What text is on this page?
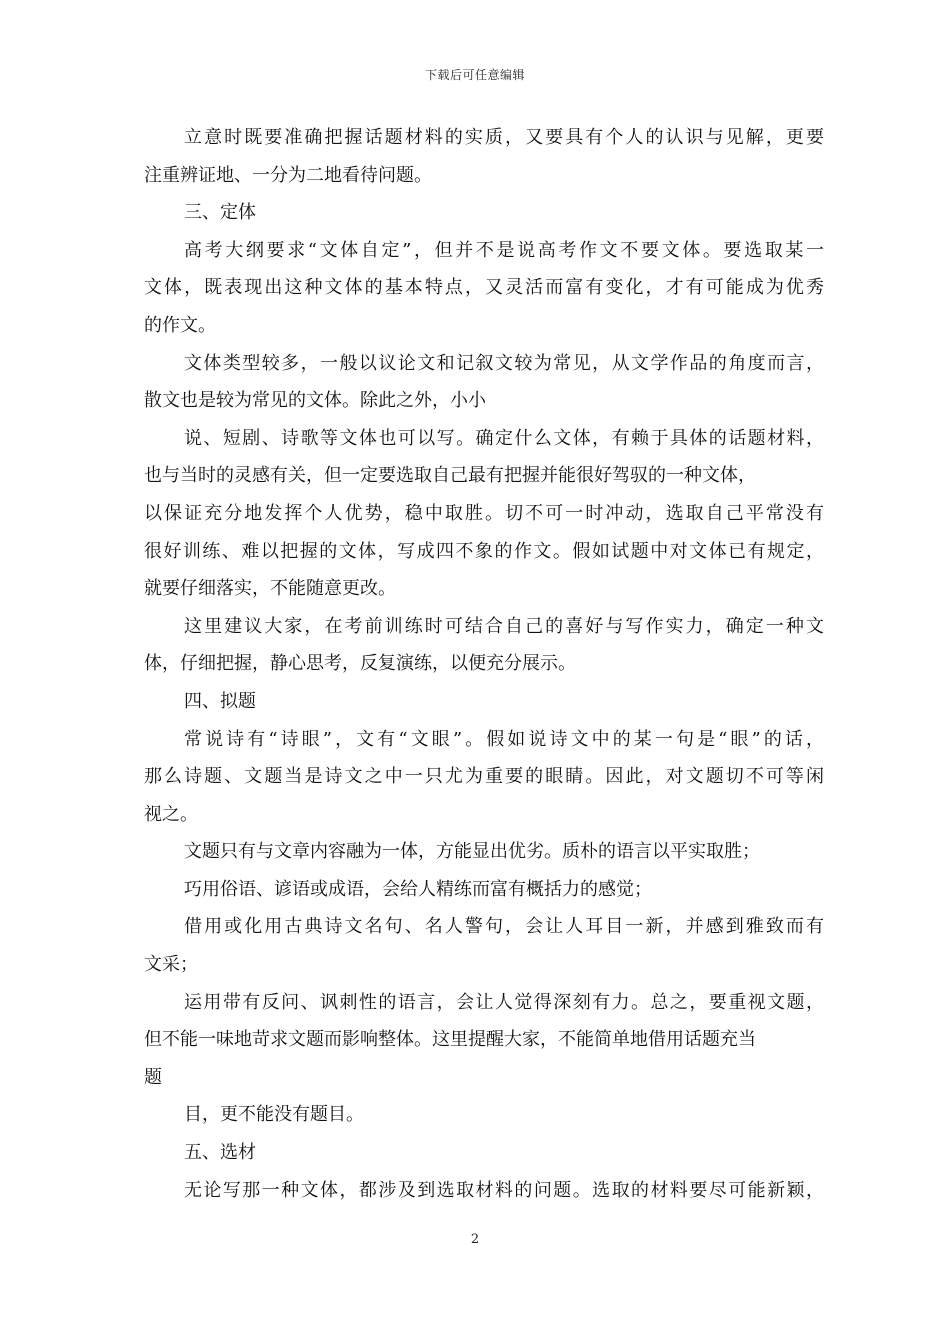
下载后可任意编辑
立意时既要准确把握话题材料的实质，又要具有个人的认识与见解，更要
注重辨证地、一分为二地看待问题。
三、定体
高考大纲要求“文体自定”，但并不是说高考作文不要文体。要选取某一
文体，既表现出这种文体的基本特点，又灵活而富有变化，才有可能成为优秀
的作文。
文体类型较多，一般以议论文和记叙文较为常见，从文学作品的角度而言，
散文也是较为常见的文体。除此之外，小小
说、短剧、诗歌等文体也可以写。确定什么文体，有赖于具体的话题材料，
也与当时的灵感有关，但一定要选取自己最有把握并能很好驾驭的一种文体，
以保证充分地发挥个人优势，稳中取胜。切不可一时冲动，选取自己平常没有
很好训练、难以把握的文体，写成四不象的作文。假如试题中对文体已有规定，
就要仔细落实，不能随意更改。
这里建议大家，在考前训练时可结合自己的喜好与写作实力，确定一种文
体，仔细把握，静心思考，反复演练，以便充分展示。
四、拟题
常说诗有“诗眼”，文有“文眼”。假如说诗文中的某一句是“眼”的话，
那么诗题、文题当是诗文之中一只尤为重要的眼睛。因此，对文题切不可等闲
视之。
文题只有与文章内容融为一体，方能显出优劣。质朴的语言以平实取胜；
巧用俗语、谚语或成语，会给人精练而富有概括力的感觉；
借用或化用古典诗文名句、名人警句，会让人耳目一新，并感到雅致而有
文采；
运用带有反问、讽刺性的语言，会让人觉得深刻有力。总之，要重视文题，
但不能一味地苛求文题而影响整体。这里提醒大家，不能简单地借用话题充当
题
目，更不能没有题目。
五、选材
无论写那一种文体，都涉及到选取材料的问题。选取的材料要尽可能新颖，
2
